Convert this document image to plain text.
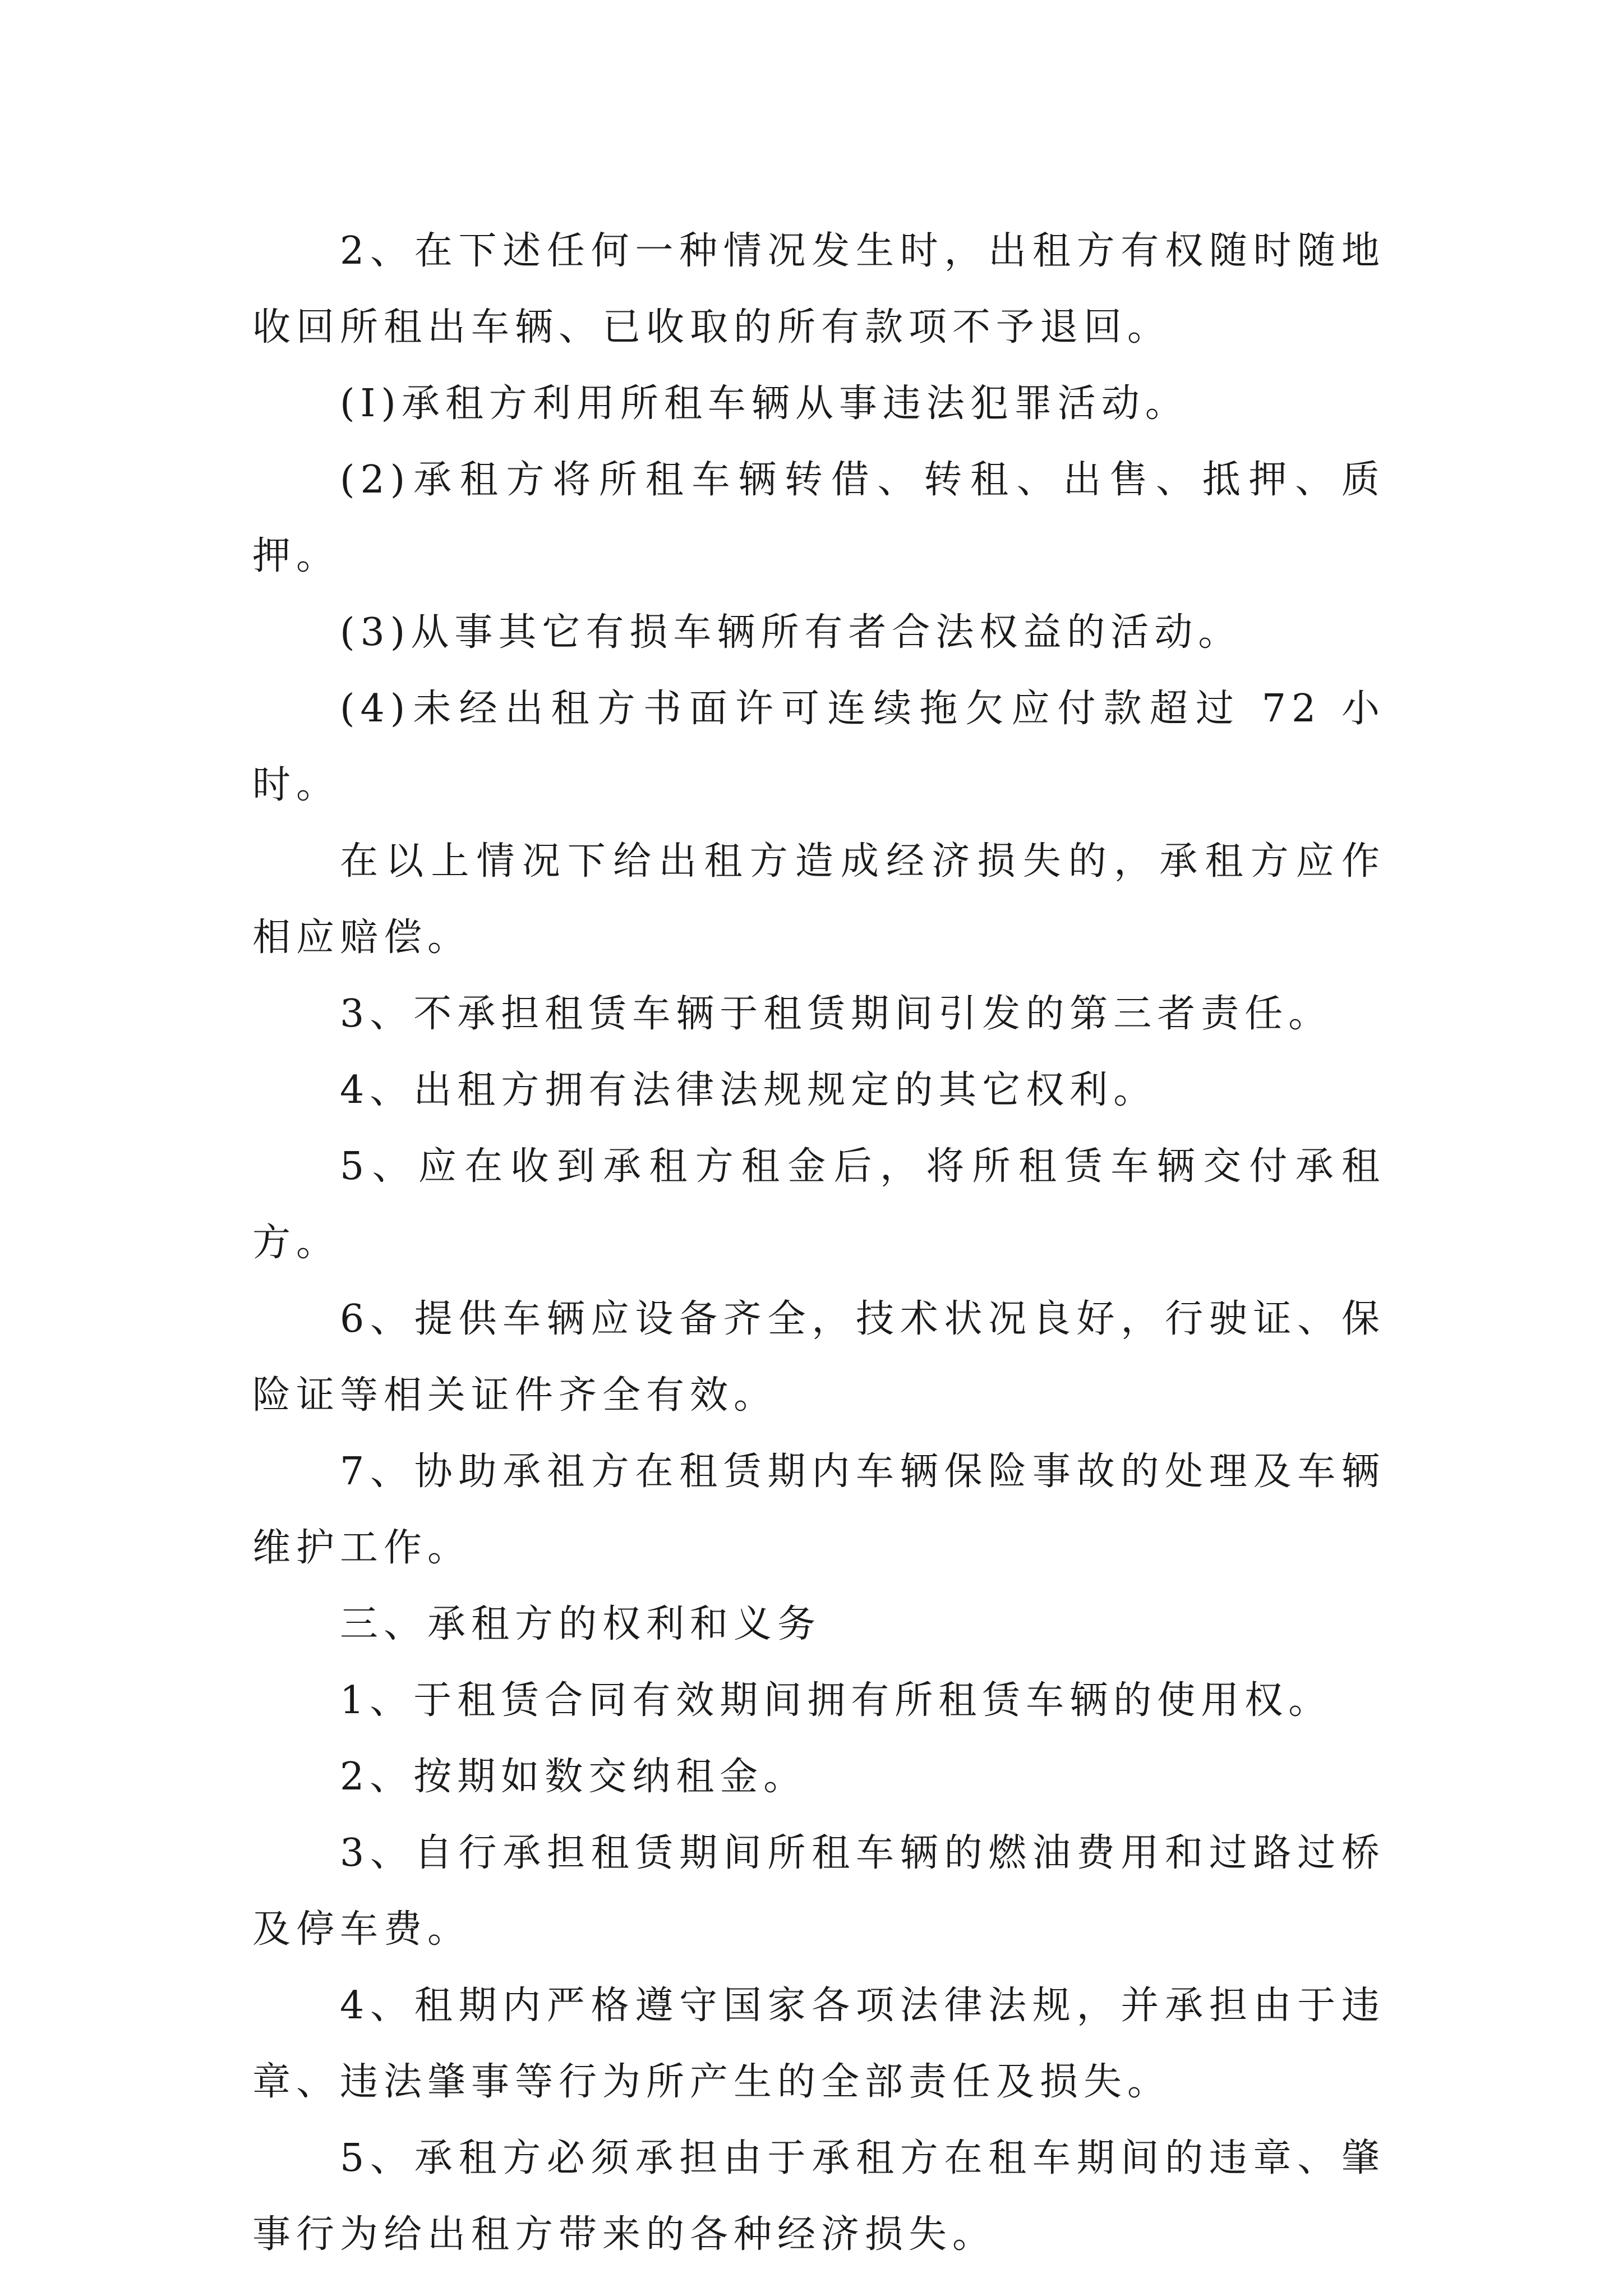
2、在下述任何一种情况发生时，出租方有权随时随地收回所租出车辆、已收取的所有款项不予退回。

(I)承租方利用所租车辆从事违法犯罪活动。

(2)承租方将所租车辆转借、转租、出售、抵押、质押。

(3)从事其它有损车辆所有者合法权益的活动。

(4)未经出租方书面许可连续拖欠应付款超过 72 小时。

在以上情况下给出租方造成经济损失的，承租方应作相应赔偿。

3、不承担租赁车辆于租赁期间引发的第三者责任。

4、出租方拥有法律法规规定的其它权利。

5、应在收到承租方租金后，将所租赁车辆交付承租方。

6、提供车辆应设备齐全，技术状况良好，行驶证、保险证等相关证件齐全有效。

7、协助承祖方在租赁期内车辆保险事故的处理及车辆维护工作。

三、承租方的权利和义务

1、于租赁合同有效期间拥有所租赁车辆的使用权。

2、按期如数交纳租金。

3、自行承担租赁期间所租车辆的燃油费用和过路过桥及停车费。

4、租期内严格遵守国家各项法律法规，并承担由于违章、违法肇事等行为所产生的全部责任及损失。

5、承租方必须承担由于承租方在租车期间的违章、肇事行为给出租方带来的各种经济损失。
